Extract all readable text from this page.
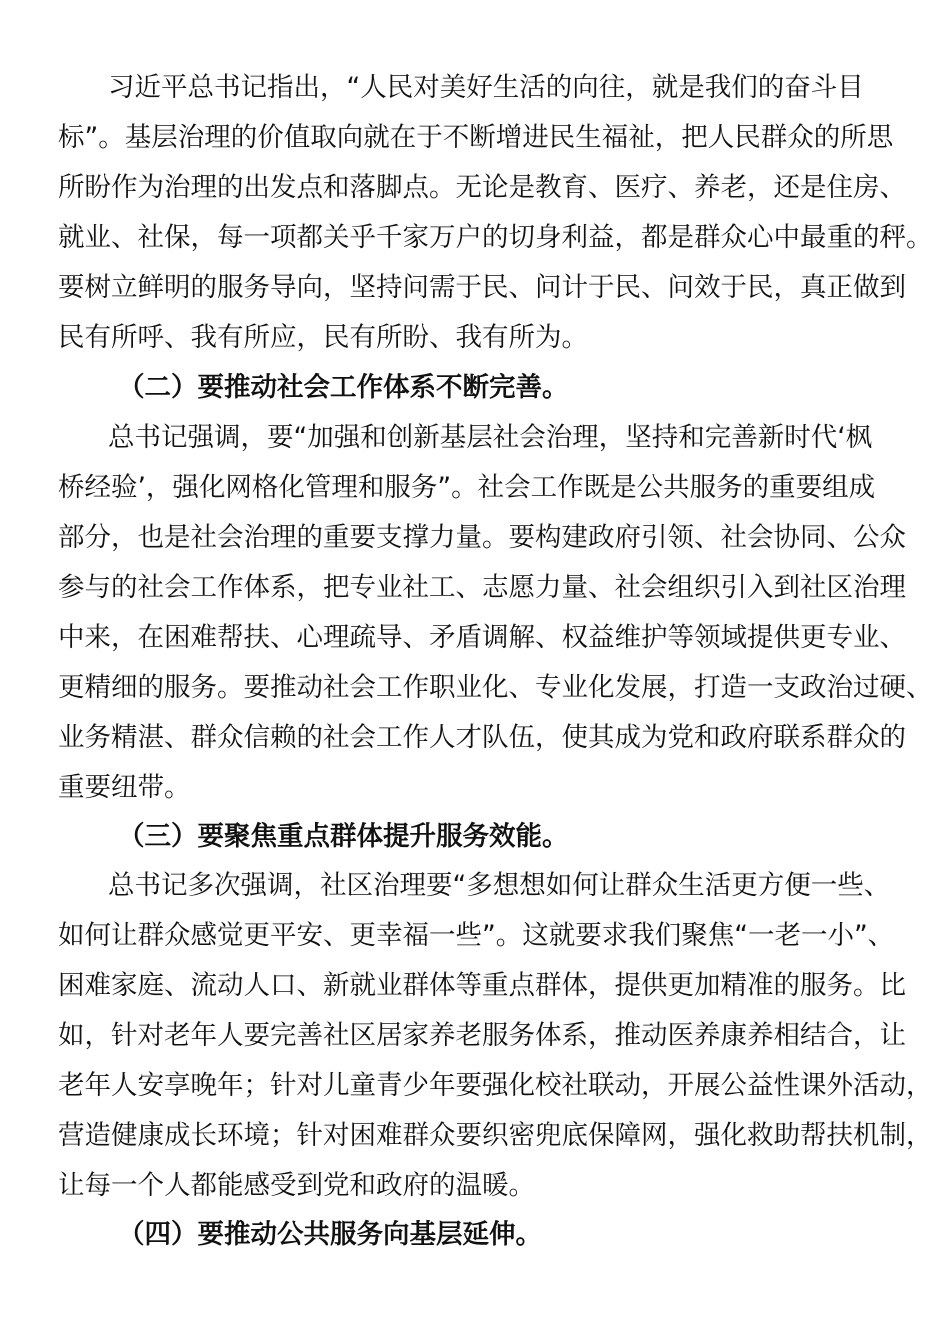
习近平总书记指出，“人民对美好生活的向往，就是我们的奋斗目
标”。基层治理的价值取向就在于不断增进民生福祉，把人民群众的所思
所盼作为治理的出发点和落脚点。无论是教育、医疗、养老，还是住房、
就业、社保，每一项都关乎千家万户的切身利益，都是群众心中最重的秤。
要树立鲜明的服务导向，坚持问需于民、问计于民、问效于民，真正做到
民有所呼、我有所应，民有所盼、我有所为。
（二）要推动社会工作体系不断完善。
总书记强调，要“加强和创新基层社会治理，坚持和完善新时代‘枫
桥经验’，强化网格化管理和服务”。社会工作既是公共服务的重要组成
部分，也是社会治理的重要支撑力量。要构建政府引领、社会协同、公众
参与的社会工作体系，把专业社工、志愿力量、社会组织引入到社区治理
中来，在困难帮扶、心理疏导、矛盾调解、权益维护等领域提供更专业、
更精细的服务。要推动社会工作职业化、专业化发展，打造一支政治过硬、
业务精湛、群众信赖的社会工作人才队伍，使其成为党和政府联系群众的
重要纽带。
（三）要聚焦重点群体提升服务效能。
总书记多次强调，社区治理要“多想想如何让群众生活更方便一些、
如何让群众感觉更平安、更幸福一些”。这就要求我们聚焦“一老一小”、
困难家庭、流动人口、新就业群体等重点群体，提供更加精准的服务。比
如，针对老年人要完善社区居家养老服务体系，推动医养康养相结合，让
老年人安享晚年；针对儿童青少年要强化校社联动，开展公益性课外活动，
营造健康成长环境；针对困难群众要织密兜底保障网，强化救助帮扶机制，
让每一个人都能感受到党和政府的温暖。
（四）要推动公共服务向基层延伸。
